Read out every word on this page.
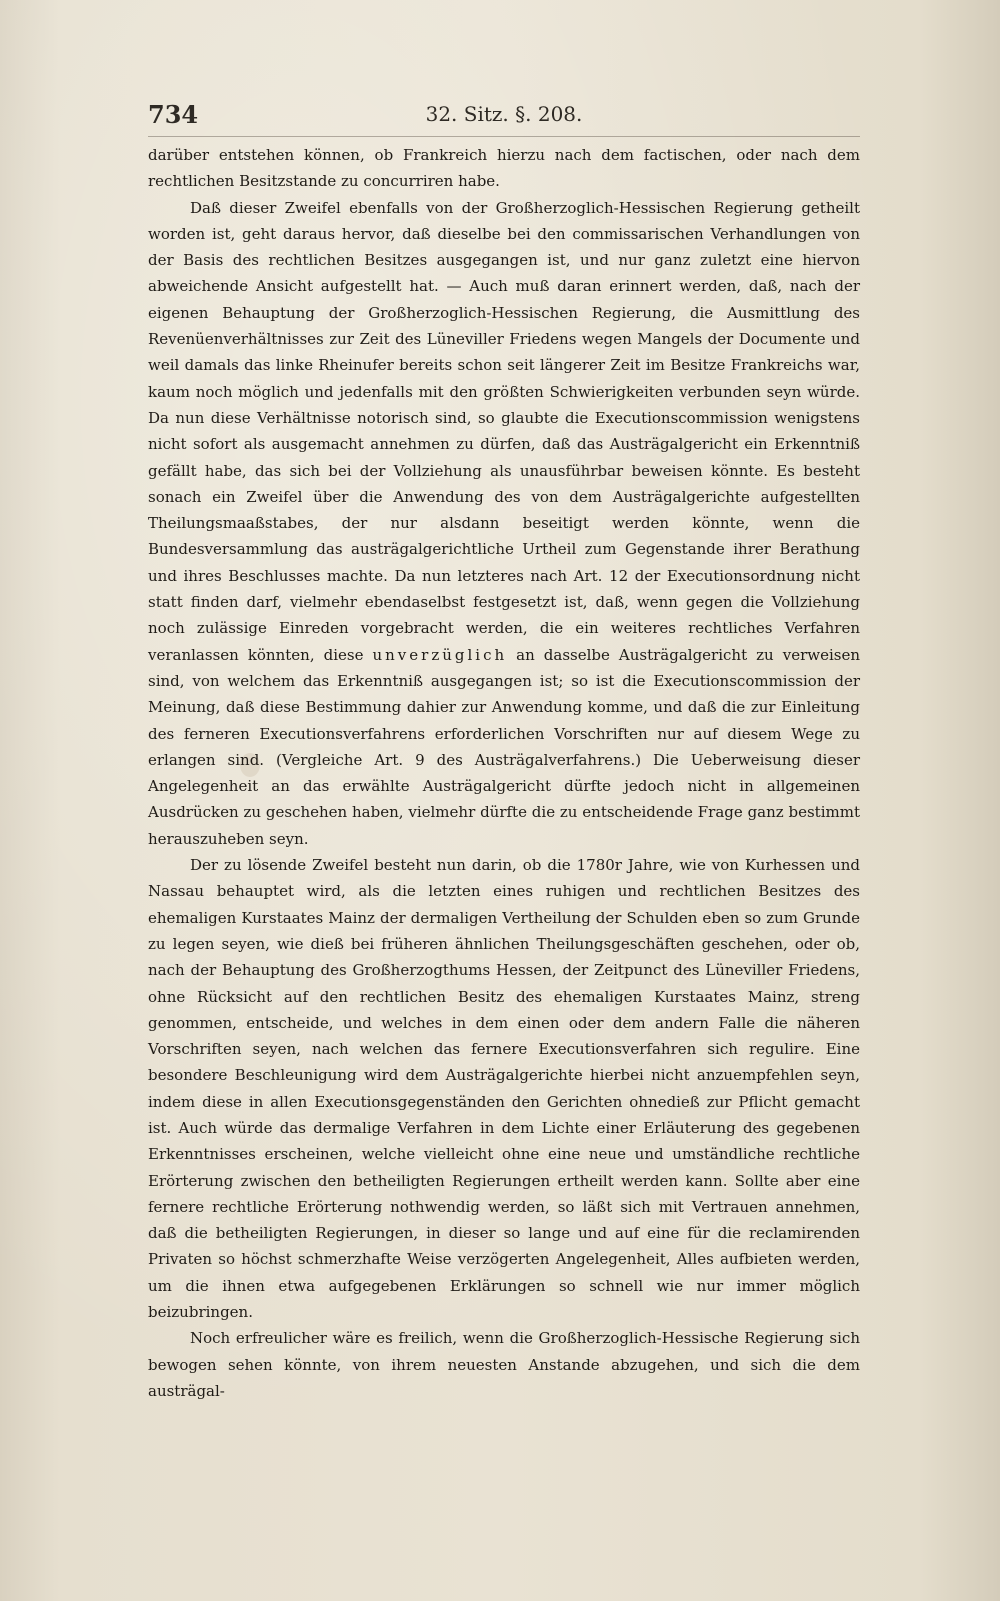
734	32. Sitz. §. 208.

darüber entstehen können, ob Frankreich hierzu nach dem factischen, oder nach dem rechtlichen Besitzstande zu concurriren habe.

Daß dieser Zweifel ebenfalls von der Großherzoglich-Hessischen Regierung getheilt worden ist, geht daraus hervor, daß dieselbe bei den commissarischen Verhandlungen von der Basis des rechtlichen Besitzes ausgegangen ist, und nur ganz zuletzt eine hiervon abweichende Ansicht aufgestellt hat. — Auch muß daran erinnert werden, daß, nach der eigenen Behauptung der Großherzoglich-Hessischen Regierung, die Ausmittlung des Revenüenverhältnisses zur Zeit des Lüneviller Friedens wegen Mangels der Documente und weil damals das linke Rheinufer bereits schon seit längerer Zeit im Besitze Frankreichs war, kaum noch möglich und jedenfalls mit den größten Schwierigkeiten verbunden seyn würde. Da nun diese Verhältnisse notorisch sind, so glaubte die Executionscommission wenigstens nicht sofort als ausgemacht annehmen zu dürfen, daß das Austrägalgericht ein Erkenntniß gefällt habe, das sich bei der Vollziehung als unausführbar beweisen könnte. Es besteht sonach ein Zweifel über die Anwendung des von dem Austrägalgerichte aufgestellten Theilungsmaaßstabes, der nur alsdann beseitigt werden könnte, wenn die Bundesversammlung das austrägalgerichtliche Urtheil zum Gegenstande ihrer Berathung und ihres Beschlusses machte. Da nun letzteres nach Art. 12 der Executionsordnung nicht statt finden darf, vielmehr ebendaselbst festgesetzt ist, daß, wenn gegen die Vollziehung noch zulässige Einreden vorgebracht werden, die ein weiteres rechtliches Verfahren veranlassen könnten, diese unverzüglich an dasselbe Austrägalgericht zu verweisen sind, von welchem das Erkenntniß ausgegangen ist; so ist die Executionscommission der Meinung, daß diese Bestimmung dahier zur Anwendung komme, und daß die zur Einleitung des ferneren Executionsverfahrens erforderlichen Vorschriften nur auf diesem Wege zu erlangen sind. (Vergleiche Art. 9 des Austrägalverfahrens.) Die Ueberweisung dieser Angelegenheit an das erwählte Austrägalgericht dürfte jedoch nicht in allgemeinen Ausdrücken zu geschehen haben, vielmehr dürfte die zu entscheidende Frage ganz bestimmt herauszuheben seyn.

Der zu lösende Zweifel besteht nun darin, ob die 1780r Jahre, wie von Kurhessen und Nassau behauptet wird, als die letzten eines ruhigen und rechtlichen Besitzes des ehemaligen Kurstaates Mainz der dermaligen Vertheilung der Schulden eben so zum Grunde zu legen seyen, wie dieß bei früheren ähnlichen Theilungsgeschäften geschehen, oder ob, nach der Behauptung des Großherzogthums Hessen, der Zeitpunct des Lüneviller Friedens, ohne Rücksicht auf den rechtlichen Besitz des ehemaligen Kurstaates Mainz, streng genommen, entscheide, und welches in dem einen oder dem andern Falle die näheren Vorschriften seyen, nach welchen das fernere Executionsverfahren sich regulire. Eine besondere Beschleunigung wird dem Austrägalgerichte hierbei nicht anzuempfehlen seyn, indem diese in allen Executionsgegenständen den Gerichten ohnedieß zur Pflicht gemacht ist. Auch würde das dermalige Verfahren in dem Lichte einer Erläuterung des gegebenen Erkenntnisses erscheinen, welche vielleicht ohne eine neue und umständliche rechtliche Erörterung zwischen den betheiligten Regierungen ertheilt werden kann. Sollte aber eine fernere rechtliche Erörterung nothwendig werden, so läßt sich mit Vertrauen annehmen, daß die betheiligten Regierungen, in dieser so lange und auf eine für die reclamirenden Privaten so höchst schmerzhafte Weise verzögerten Angelegenheit, Alles aufbieten werden, um die ihnen etwa aufgegebenen Erklärungen so schnell wie nur immer möglich beizubringen.

Noch erfreulicher wäre es freilich, wenn die Großherzoglich-Hessische Regierung sich bewogen sehen könnte, von ihrem neuesten Anstande abzugehen, und sich die dem austrägal-
